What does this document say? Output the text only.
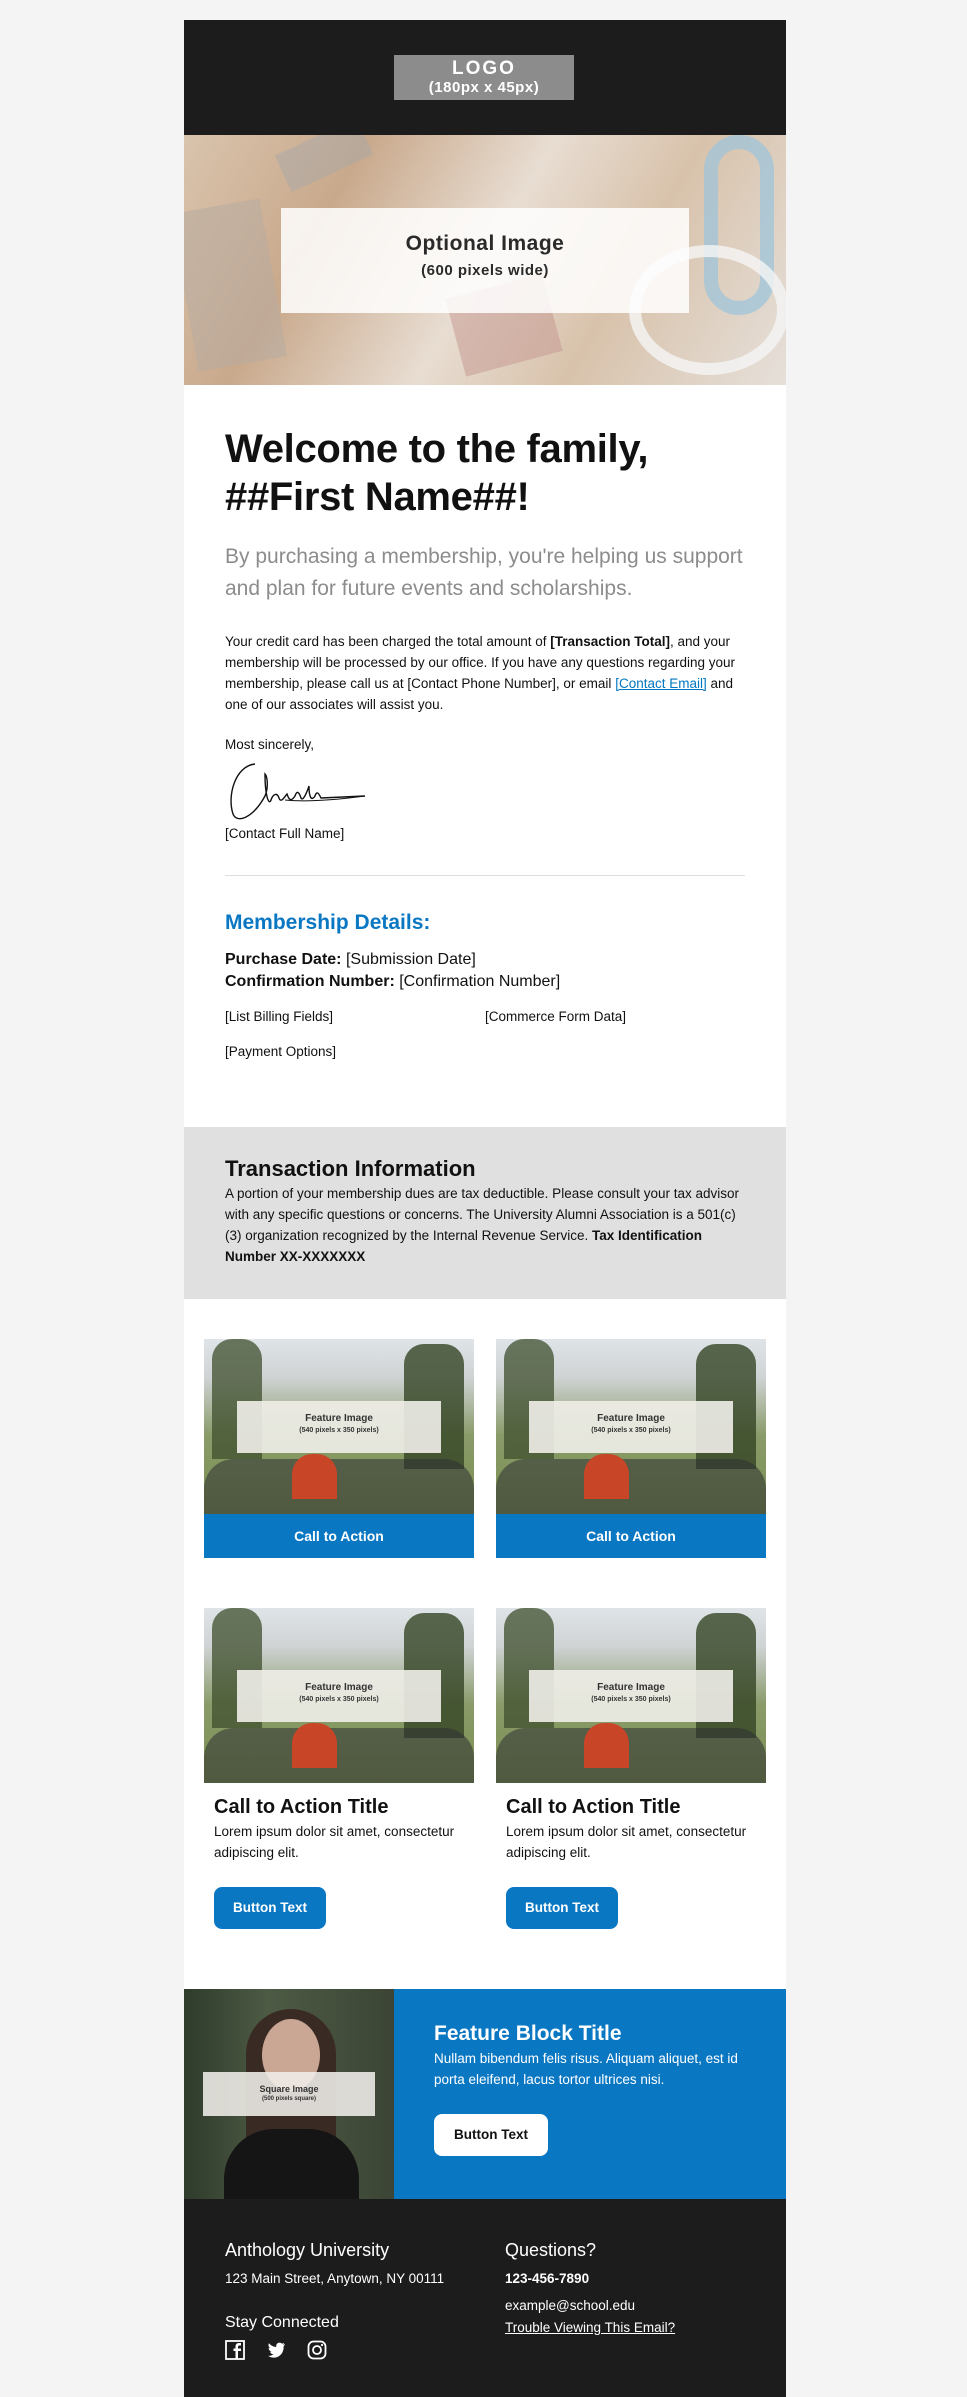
LOGO
(180px x 45px)
Optional Image
(600 pixels wide)
Welcome to the family, ##First Name##!
By purchasing a membership, you're helping us support and plan for future events and scholarships.

Your credit card has been charged the total amount of [Transaction Total], and your membership will be processed by our office. If you have any questions regarding your membership, please call us at [Contact Phone Number], or email [Contact Email] and one of our associates will assist you.

Most sincerely,
[Contact Full Name]
Membership Details:
Purchase Date: [Submission Date]
Confirmation Number: [Confirmation Number]
[List Billing Fields]	[Commerce Form Data]
[Payment Options]
Transaction Information

A portion of your membership dues are tax deductible. Please consult your tax advisor with any specific questions or concerns. The University Alumni Association is a 501(c)(3) organization recognized by the Internal Revenue Service. Tax Identification Number XX-XXXXXXX

Feature Image
(540 pixels x 350 pixels)
Call to Action
Feature Image
(540 pixels x 350 pixels)
Call to Action
Feature Image
(540 pixels x 350 pixels)
Call to Action Title

Lorem ipsum dolor sit amet, consectetur adipiscing elit.

Button Text
Feature Image
(540 pixels x 350 pixels)
Call to Action Title

Lorem ipsum dolor sit amet, consectetur adipiscing elit.

Button Text
Square Image
(500 pixels square)
Feature Block Title

Nullam bibendum felis risus. Aliquam aliquet, est id porta eleifend, lacus tortor ultrices nisi.

Button Text
Anthology University
123 Main Street, Anytown, NY 00111
Stay Connected
Questions?
123-456-7890
example@school.edu
Trouble Viewing This Email?
